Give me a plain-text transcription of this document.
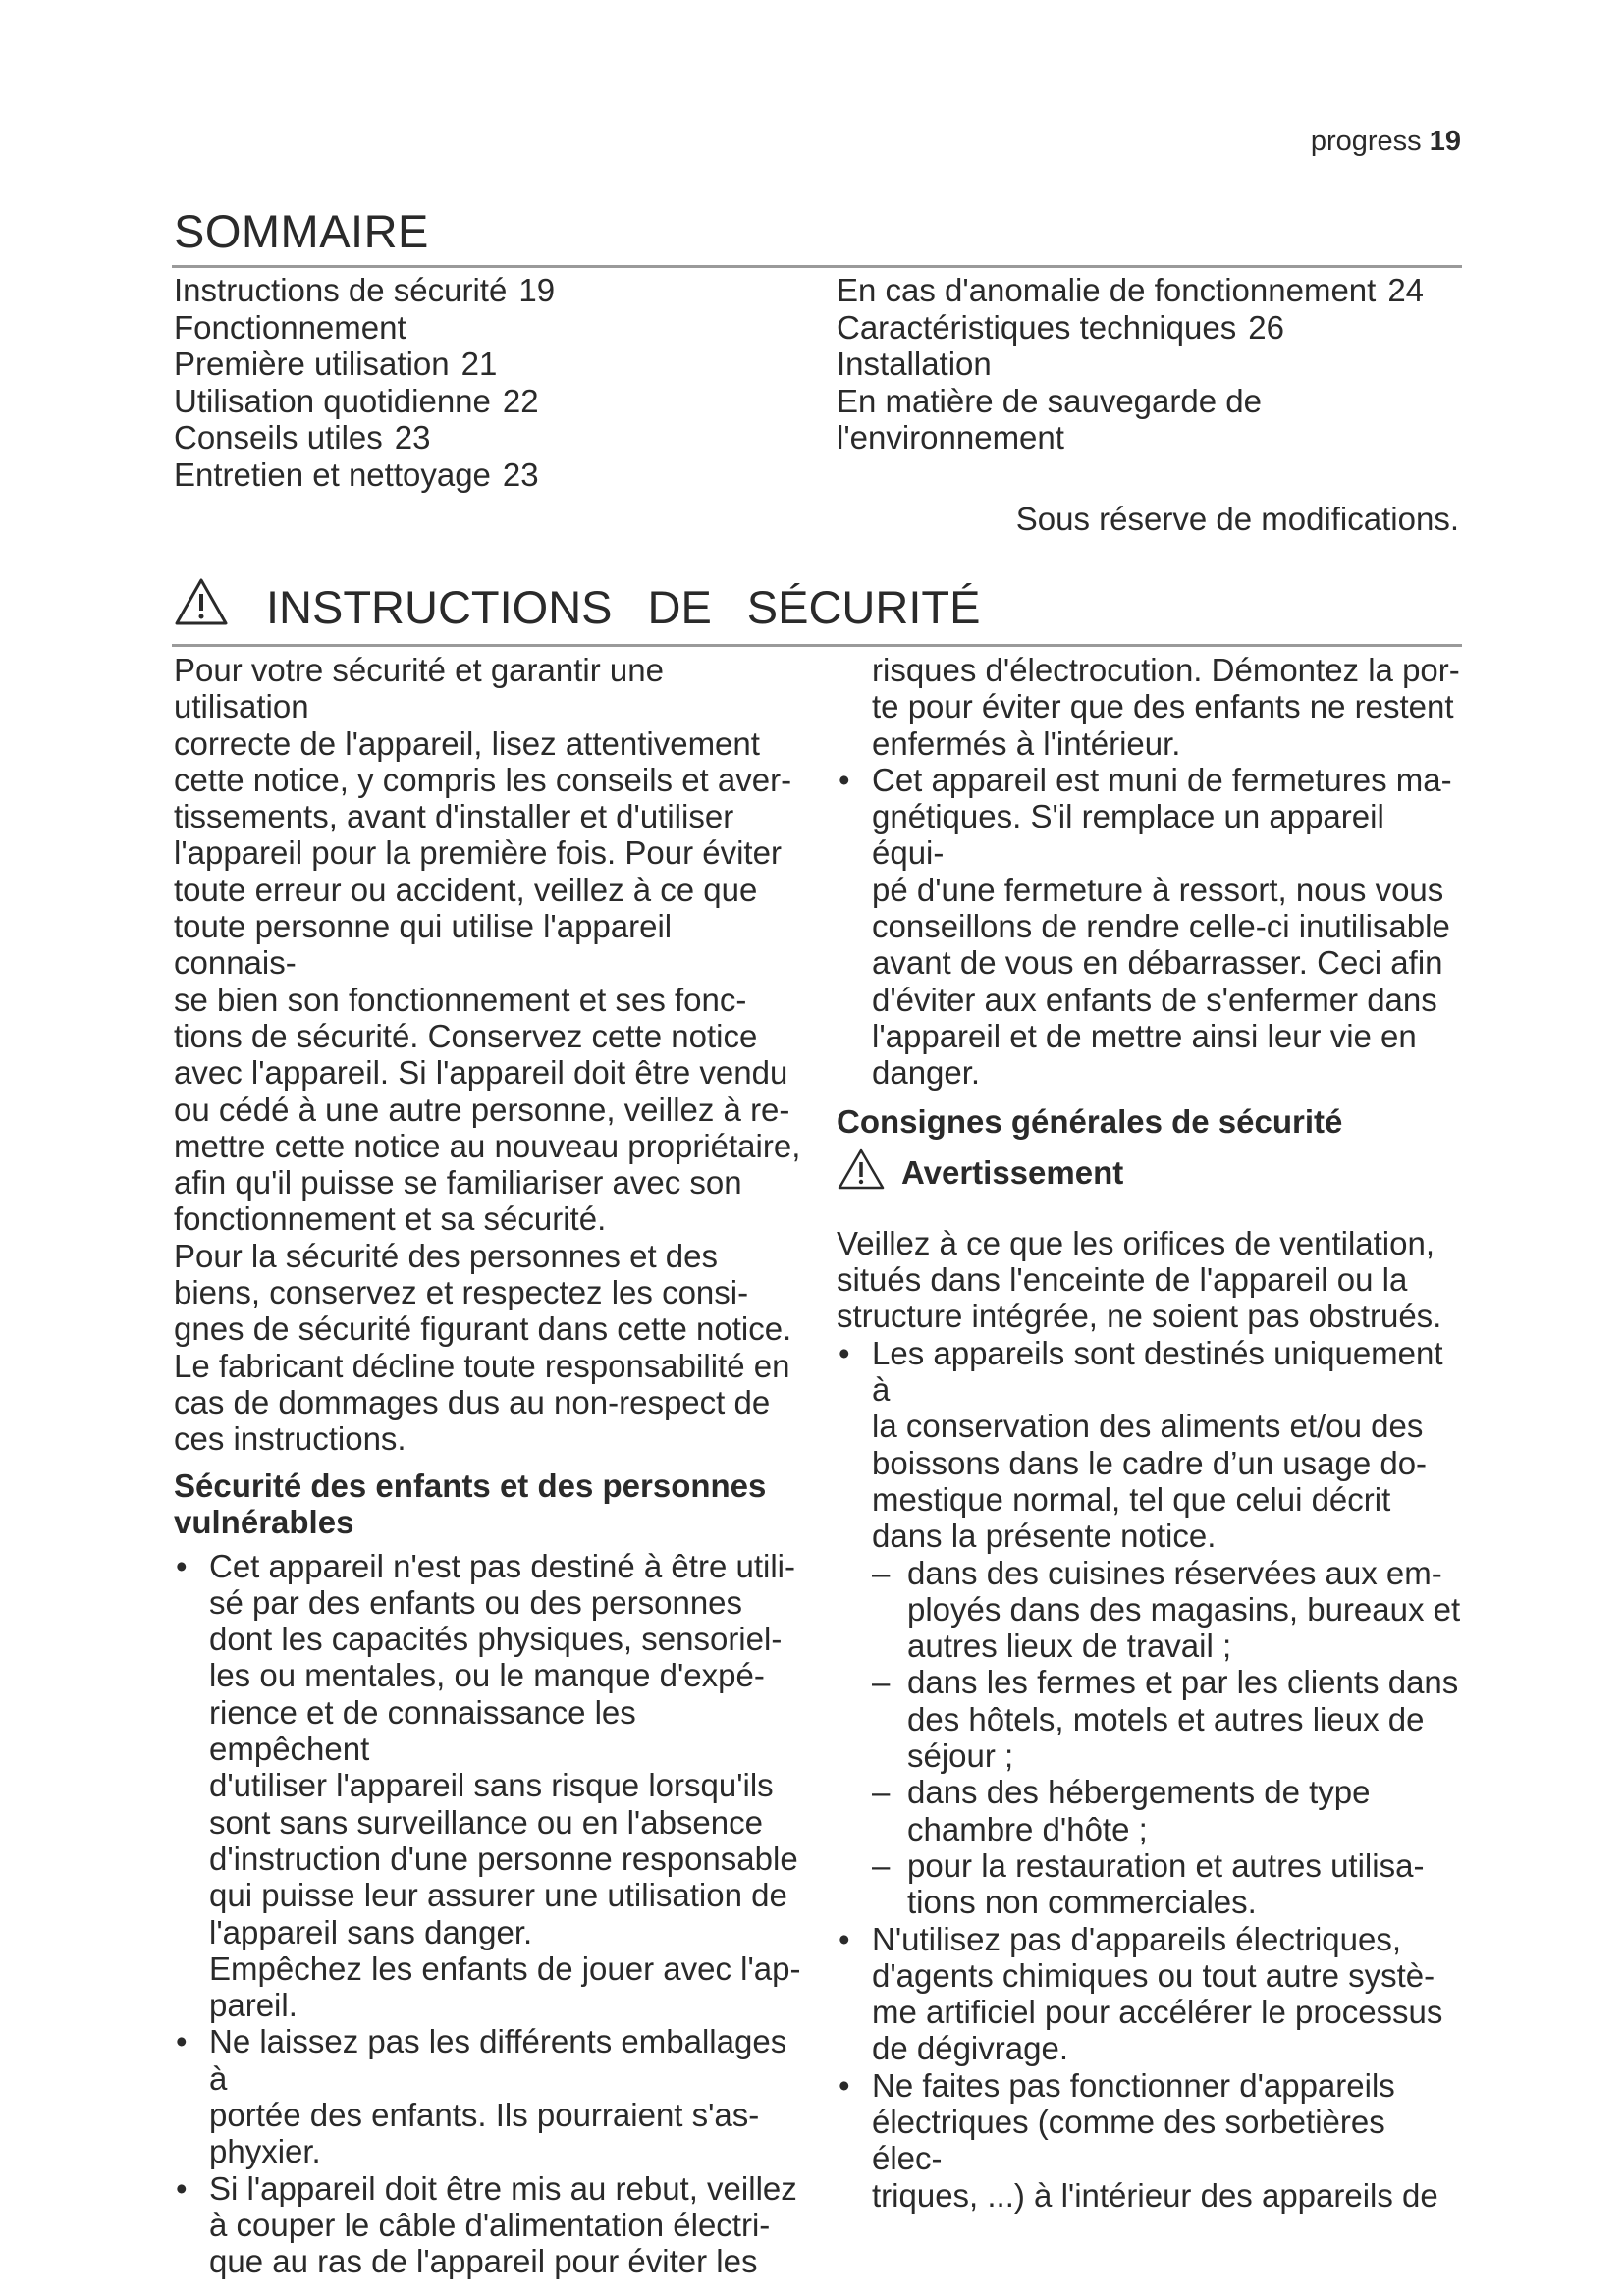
progress 19
SOMMAIRE
Instructions de sécurité 19
Fonctionnement
Première utilisation 21
Utilisation quotidienne 22
Conseils utiles 23
Entretien et nettoyage 23
En cas d'anomalie de fonctionnement 24
Caractéristiques techniques 26
Installation
En matière de sauvegarde de
l'environnement
Sous réserve de modifications.
INSTRUCTIONS DE SÉCURITÉ
Pour votre sécurité et garantir une utilisation
correcte de l'appareil, lisez attentivement
cette notice, y compris les conseils et aver-
tissements, avant d'installer et d'utiliser
l'appareil pour la première fois. Pour éviter
toute erreur ou accident, veillez à ce que
toute personne qui utilise l'appareil connais-
se bien son fonctionnement et ses fonc-
tions de sécurité. Conservez cette notice
avec l'appareil. Si l'appareil doit être vendu
ou cédé à une autre personne, veillez à re-
mettre cette notice au nouveau propriétaire,
afin qu'il puisse se familiariser avec son
fonctionnement et sa sécurité.
Pour la sécurité des personnes et des
biens, conservez et respectez les consi-
gnes de sécurité figurant dans cette notice.
Le fabricant décline toute responsabilité en
cas de dommages dus au non-respect de
ces instructions.
Sécurité des enfants et des personnes
vulnérables
• Cet appareil n'est pas destiné à être utili-
sé par des enfants ou des personnes
dont les capacités physiques, sensoriel-
les ou mentales, ou le manque d'expé-
rience et de connaissance les empêchent
d'utiliser l'appareil sans risque lorsqu'ils
sont sans surveillance ou en l'absence
d'instruction d'une personne responsable
qui puisse leur assurer une utilisation de
l'appareil sans danger.
Empêchez les enfants de jouer avec l'ap-
pareil.
• Ne laissez pas les différents emballages à
portée des enfants. Ils pourraient s'as-
phyxier.
• Si l'appareil doit être mis au rebut, veillez
à couper le câble d'alimentation électri-
que au ras de l'appareil pour éviter les
risques d'électrocution. Démontez la por-
te pour éviter que des enfants ne restent
enfermés à l'intérieur.
• Cet appareil est muni de fermetures ma-
gnétiques. S'il remplace un appareil équi-
pé d'une fermeture à ressort, nous vous
conseillons de rendre celle-ci inutilisable
avant de vous en débarrasser. Ceci afin
d'éviter aux enfants de s'enfermer dans
l'appareil et de mettre ainsi leur vie en
danger.
Consignes générales de sécurité
Avertissement
Veillez à ce que les orifices de ventilation,
situés dans l'enceinte de l'appareil ou la
structure intégrée, ne soient pas obstrués.
• Les appareils sont destinés uniquement à
la conservation des aliments et/ou des
boissons dans le cadre d’un usage do-
mestique normal, tel que celui décrit
dans la présente notice.
– dans des cuisines réservées aux em-
ployés dans des magasins, bureaux et
autres lieux de travail ;
– dans les fermes et par les clients dans
des hôtels, motels et autres lieux de
séjour ;
– dans des hébergements de type
chambre d'hôte ;
– pour la restauration et autres utilisa-
tions non commerciales.
• N'utilisez pas d'appareils électriques,
d'agents chimiques ou tout autre systè-
me artificiel pour accélérer le processus
de dégivrage.
• Ne faites pas fonctionner d'appareils
électriques (comme des sorbetières élec-
triques, ...) à l'intérieur des appareils de
